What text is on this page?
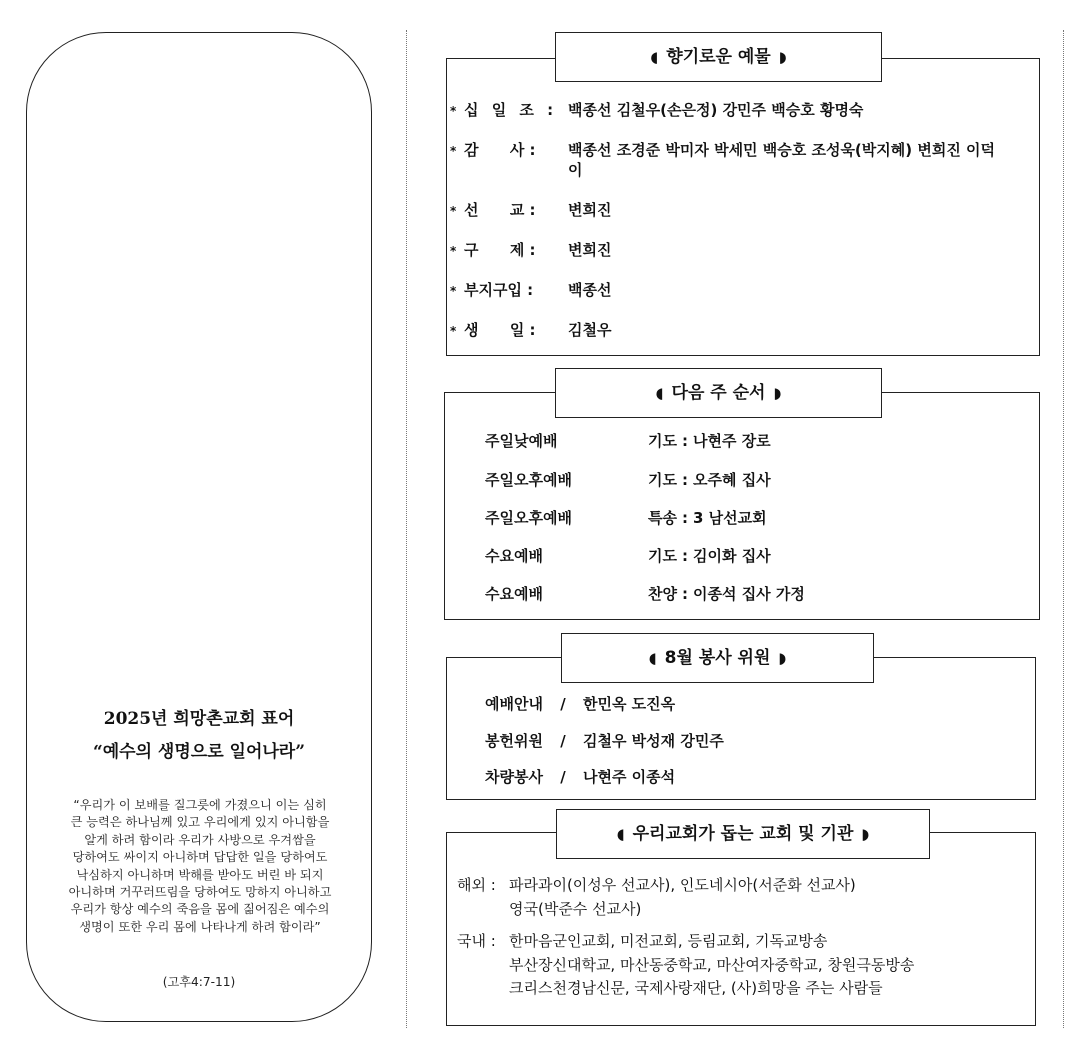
2025년 희망촌교회 표어
“예수의 생명으로 일어나라”
“우리가 이 보배를 질그릇에 가졌으니 이는 심히
큰 능력은 하나님께 있고 우리에게 있지 아니함을
알게 하려 함이라 우리가 사방으로 우겨쌈을
당하여도 싸이지 아니하며 답답한 일을 당하여도
낙심하지 아니하며 박해를 받아도 버린 바 되지
아니하며 거꾸러뜨림을 당하여도 망하지 아니하고
우리가 항상 예수의 죽음을 몸에 짊어짐은 예수의
생명이 또한 우리 몸에 나타나게 하려 함이라”
(고후4:7-11)
◖ 향기로운 예물 ◗
* 십 일 조 : 백종선 김철우(손은정) 강민주 백승호 황명숙
* 감      사 : 백종선 조경준 박미자 박세민 백승호 조성욱(박지혜) 변희진 이덕이
* 선      교 : 변희진
* 구      제 : 변희진
* 부지구입 : 백종선
* 생      일 : 김철우
◖ 다음 주 순서 ◗
주일낮예배 기도 : 나현주 장로
주일오후예배 기도 : 오주혜 집사
주일오후예배 특송 : 3 남선교회
수요예배 기도 : 김이화 집사
수요예배 찬양 : 이종석 집사 가정
◖ 8월 봉사 위원 ◗
예배안내 / 한민옥 도진옥
봉헌위원 / 김철우 박성재 강민주
차량봉사 / 나현주 이종석
◖ 우리교회가 돕는 교회 및 기관 ◗
해외 : 파라과이(이성우 선교사), 인도네시아(서준화 선교사)
영국(박준수 선교사)
국내 : 한마음군인교회, 미전교회, 등림교회, 기독교방송
부산장신대학교, 마산동중학교, 마산여자중학교, 창원극동방송
크리스천경남신문, 국제사랑재단, (사)희망을 주는 사람들
